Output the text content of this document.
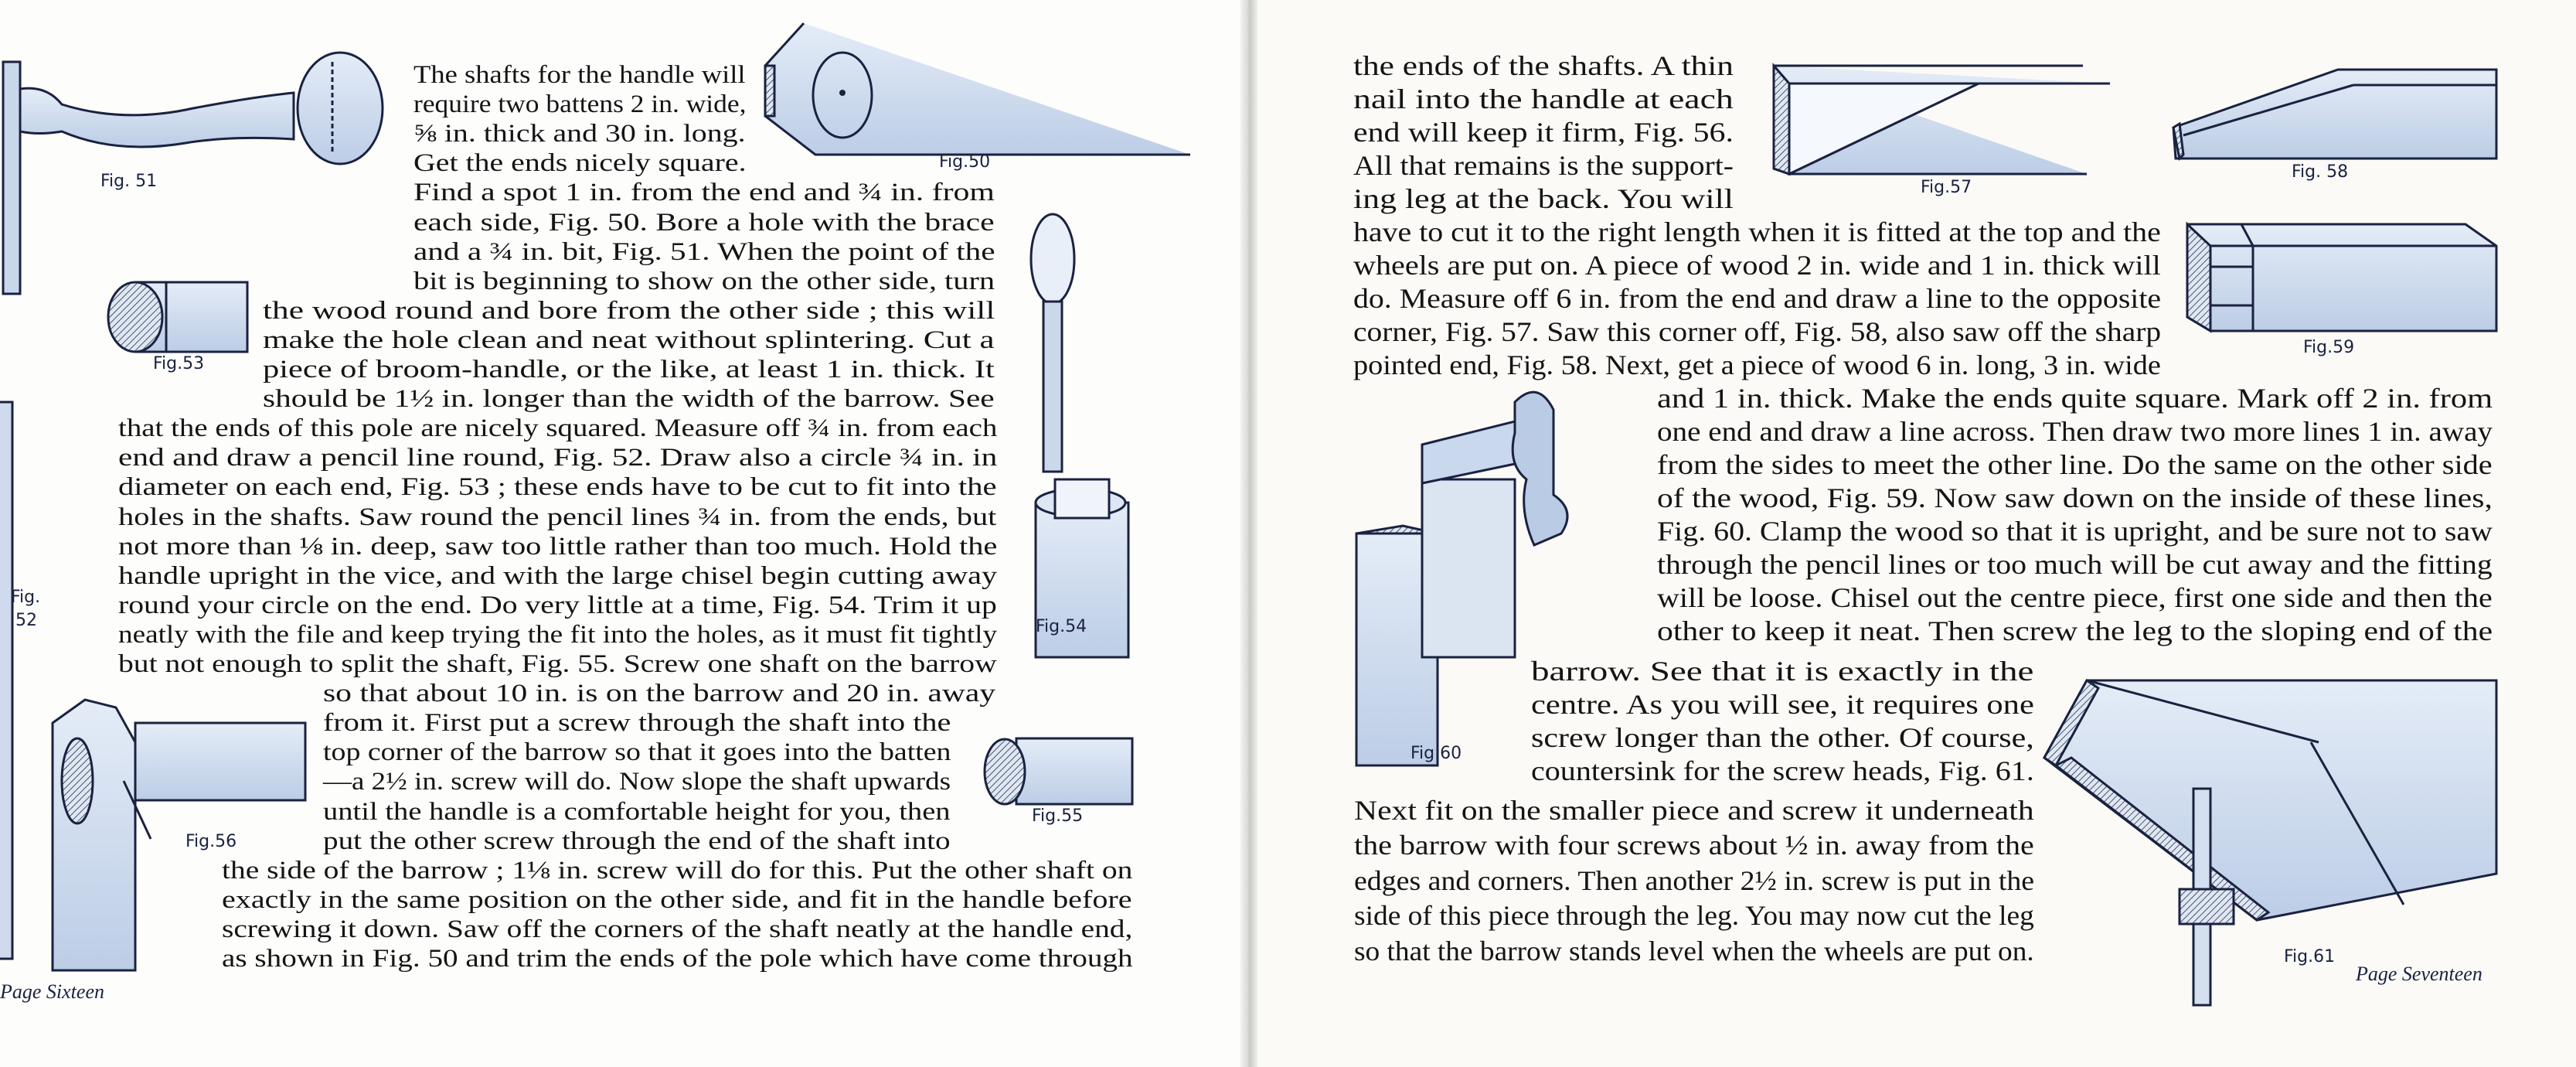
The shafts for the handle will
require two battens 2 in. wide,
⅝ in. thick and 30 in. long.
Get the ends nicely square.
Find a spot 1 in. from the end and ¾ in. from
each side, Fig. 50. Bore a hole with the brace
and a ¾ in. bit, Fig. 51. When the point of the
bit is beginning to show on the other side, turn
the wood round and bore from the other side ; this will
make the hole clean and neat without splintering. Cut a
piece of broom-handle, or the like, at least 1 in. thick. It
should be 1½ in. longer than the width of the barrow. See
that the ends of this pole are nicely squared. Measure off ¾ in. from each
end and draw a pencil line round, Fig. 52. Draw also a circle ¾ in. in
diameter on each end, Fig. 53 ; these ends have to be cut to fit into the
holes in the shafts. Saw round the pencil lines ¾ in. from the ends, but
not more than ⅛ in. deep, saw too little rather than too much. Hold the
handle upright in the vice, and with the large chisel begin cutting away
round your circle on the end. Do very little at a time, Fig. 54. Trim it up
neatly with the file and keep trying the fit into the holes, as it must fit tightly
but not enough to split the shaft, Fig. 55. Screw one shaft on the barrow
so that about 10 in. is on the barrow and 20 in. away
from it. First put a screw through the shaft into the
top corner of the barrow so that it goes into the batten
—a 2½ in. screw will do. Now slope the shaft upwards
until the handle is a comfortable height for you, then
put the other screw through the end of the shaft into
the side of the barrow ; 1⅛ in. screw will do for this. Put the other shaft on
exactly in the same position on the other side, and fit in the handle before
screwing it down. Saw off the corners of the shaft neatly at the handle end,
as shown in Fig. 50 and trim the ends of the pole which have come through
the ends of the shafts. A thin
nail into the handle at each
end will keep it firm, Fig. 56.
All that remains is the support-
ing leg at the back. You will
have to cut it to the right length when it is fitted at the top and the
wheels are put on. A piece of wood 2 in. wide and 1 in. thick will
do. Measure off 6 in. from the end and draw a line to the opposite
corner, Fig. 57. Saw this corner off, Fig. 58, also saw off the sharp
pointed end, Fig. 58. Next, get a piece of wood 6 in. long, 3 in. wide
and 1 in. thick. Make the ends quite square. Mark off 2 in. from
one end and draw a line across. Then draw two more lines 1 in. away
from the sides to meet the other line. Do the same on the other side
of the wood, Fig. 59. Now saw down on the inside of these lines,
Fig. 60. Clamp the wood so that it is upright, and be sure not to saw
through the pencil lines or too much will be cut away and the fitting
will be loose. Chisel out the centre piece, first one side and then the
other to keep it neat. Then screw the leg to the sloping end of the
barrow. See that it is exactly in the
centre. As you will see, it requires one
screw longer than the other. Of course,
countersink for the screw heads, Fig. 61.
Next fit on the smaller piece and screw it underneath
the barrow with four screws about ½ in. away from the
edges and corners. Then another 2½ in. screw is put in the
side of this piece through the leg. You may now cut the leg
so that the barrow stands level when the wheels are put on.
Fig. 51
Fig.50
Fig.53
Fig.
52	Fig.54
Fig.55
Fig.56
Page Sixteen
Fig.57
Fig. 58
Fig.59
Fig.60
Fig.61
Page Seventeen
